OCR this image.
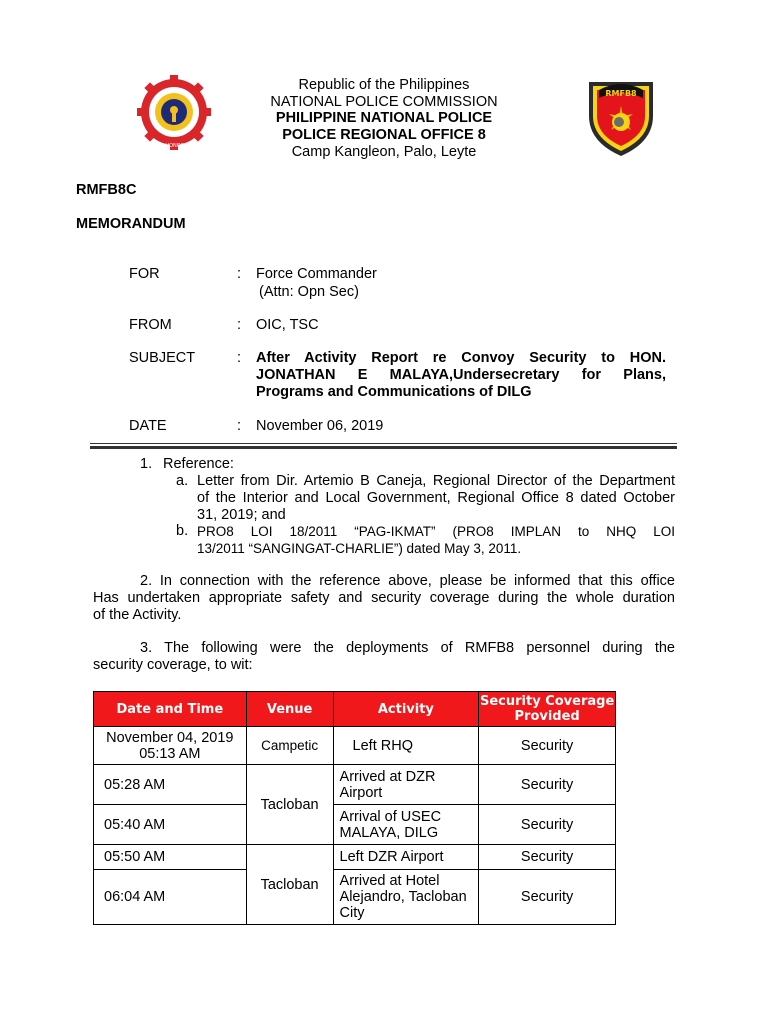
SERVICE · HONOR · JUSTICE
RMFB8
Republic of the Philippines
NATIONAL POLICE COMMISSION
PHILIPPINE NATIONAL POLICE
POLICE REGIONAL OFFICE 8
Camp Kangleon, Palo, Leyte
RMFB8C
MEMORANDUM
FOR	: Force Commander
(Attn: Opn Sec)
FROM	: OIC, TSC
SUBJECT	: After Activity Report re Convoy Security to HON.
JONATHAN E MALAYA,Undersecretary for Plans,
Programs and Communications of DILG
DATE	: November 06, 2019
1. Reference:
a. Letter from Dir. Artemio B Caneja, Regional Director of the Department
of the Interior and Local Government, Regional Office 8 dated October
31, 2019; and
b. PRO8 LOI 18/2011 “PAG-IKMAT” (PRO8 IMPLAN to NHQ LOI
13/2011 “SANGINGAT-CHARLIE”) dated May 3, 2011.
2. In connection with the reference above, please be informed that this office
Has undertaken appropriate safety and security coverage during the whole duration
of the Activity.
3. The following were the deployments of RMFB8 personnel during the
security coverage, to wit:
Date and Time	Venue	Activity	Security Coverage Provided

November 04, 2019
05:13 AM	Campetic	Left RHQ	Security
05:28 AM	Tacloban	Arrived at DZR Airport	Security
05:40 AM		Arrival of USEC MALAYA, DILG	Security
05:50 AM	Tacloban	Left DZR Airport	Security
06:04 AM		Arrived at Hotel Alejandro, Tacloban City	Security
